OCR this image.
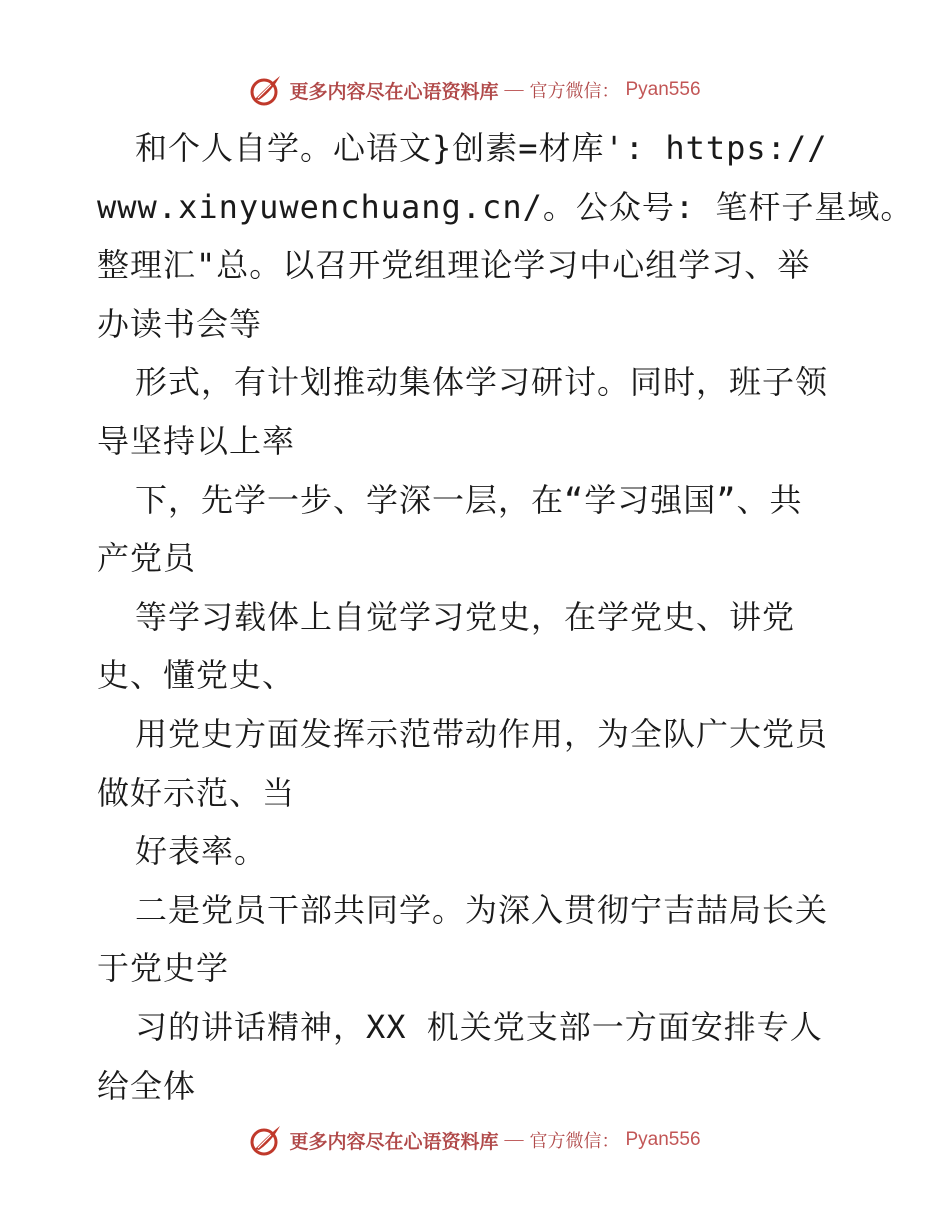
更多内容尽在心语资料库 — 官方微信： Pyan556
和个人自学。心语文}创素=材库': https://
www.xinyuwenchuang.cn/。公众号: 笔杆子星域。
整理汇"总。以召开党组理论学习中心组学习、举
办读书会等
形式，有计划推动集体学习研讨。同时，班子领
导坚持以上率
下，先学一步、学深一层，在“学习强国”、共
产党员
等学习载体上自觉学习党史，在学党史、讲党
史、懂党史、
用党史方面发挥示范带动作用，为全队广大党员
做好示范、当
好表率。
二是党员干部共同学。为深入贯彻宁吉喆局长关
于党史学
习的讲话精神，XX 机关党支部一方面安排专人
给全体
更多内容尽在心语资料库 — 官方微信： Pyan556
